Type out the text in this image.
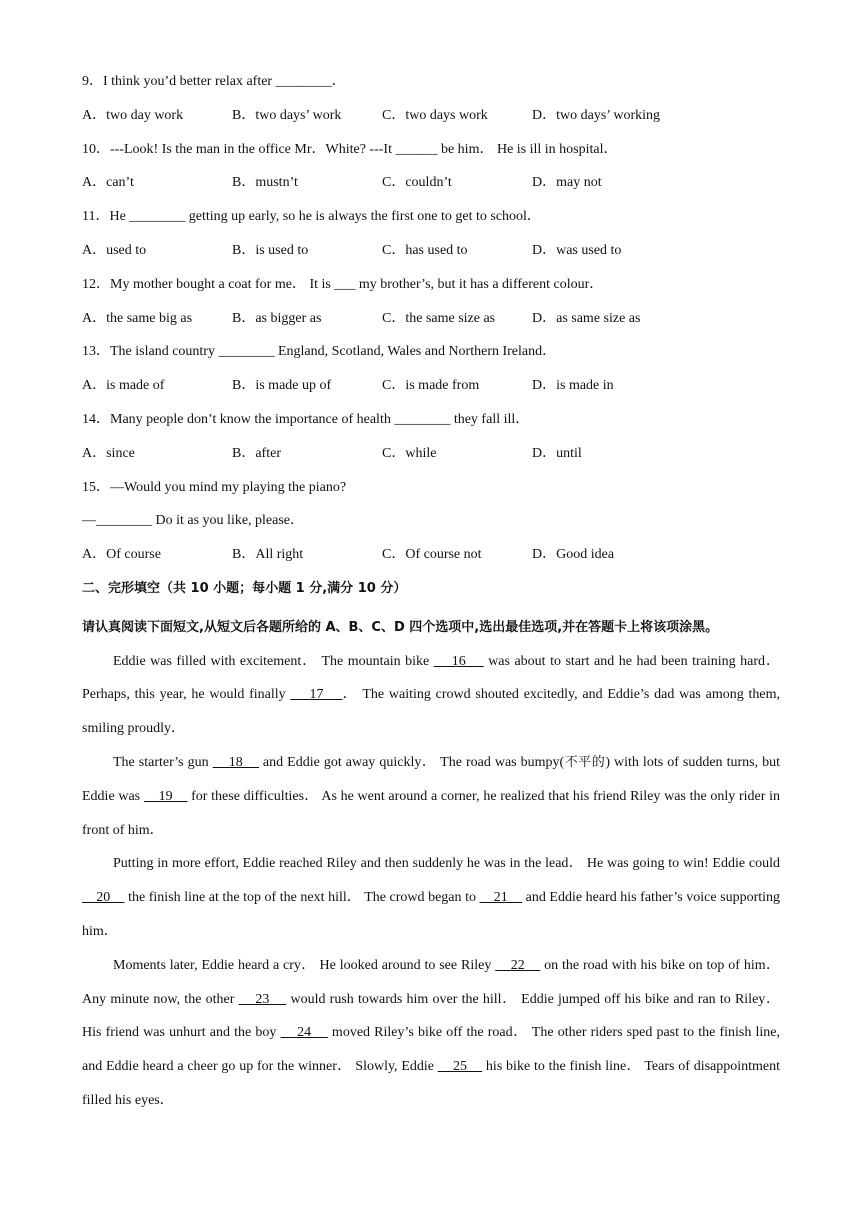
9．I think you’d better relax after ________．
A．two day work	B．two days’ work	C．two days work	D．two days’ working
10．---Look! Is the man in the office Mr．White? ---It ______ be him． He is ill in hospital．
A．can’t	B．mustn’t	C．couldn’t	D．may not
11．He ________ getting up early, so he is always the first one to get to school．
A．used to	B．is used to	C．has used to	D．was used to
12．My mother bought a coat for me． It is ___ my brother’s, but it has a different colour．
A．the same big as	B．as bigger as	C．the same size as	D．as same size as
13．The island country ________ England, Scotland, Wales and Northern Ireland．
A．is made of	B．is made up of	C．is made from	D．is made in
14．Many people don’t know the importance of health ________ they fall ill．
A．since	B．after	C．while	D．until
15．—Would you mind my playing the piano?
—________ Do it as you like, please．
A．Of course	B．All right	C．Of course not	D．Good idea
二、完形填空（共 10 小题；每小题 1 分,满分 10 分）

请认真阅读下面短文,从短文后各题所给的 A、B、C、D 四个选项中,选出最佳选项,并在答题卡上将该项涂黑。

Eddie was filled with excitement． The mountain bike     16     was about to start and he had been training hard． Perhaps, this year, he would finally     17    ． The waiting crowd shouted excitedly, and Eddie’s dad was among them, smiling proudly．

The starter’s gun     18     and Eddie got away quickly． The road was bumpy(不平的) with lots of sudden turns, but Eddie was     19     for these difficulties． As he went around a corner, he realized that his friend Riley was the only rider in front of him．

Putting in more effort, Eddie reached Riley and then suddenly he was in the lead． He was going to win! Eddie could     20     the finish line at the top of the next hill． The crowd began to     21     and Eddie heard his father’s voice supporting him．

Moments later, Eddie heard a cry． He looked around to see Riley     22     on the road with his bike on top of him． Any minute now, the other     23     would rush towards him over the hill． Eddie jumped off his bike and ran to Riley． His friend was unhurt and the boy     24     moved Riley’s bike off the road． The other riders sped past to the finish line, and Eddie heard a cheer go up for the winner． Slowly, Eddie     25     his bike to the finish line． Tears of disappointment filled his eyes．
